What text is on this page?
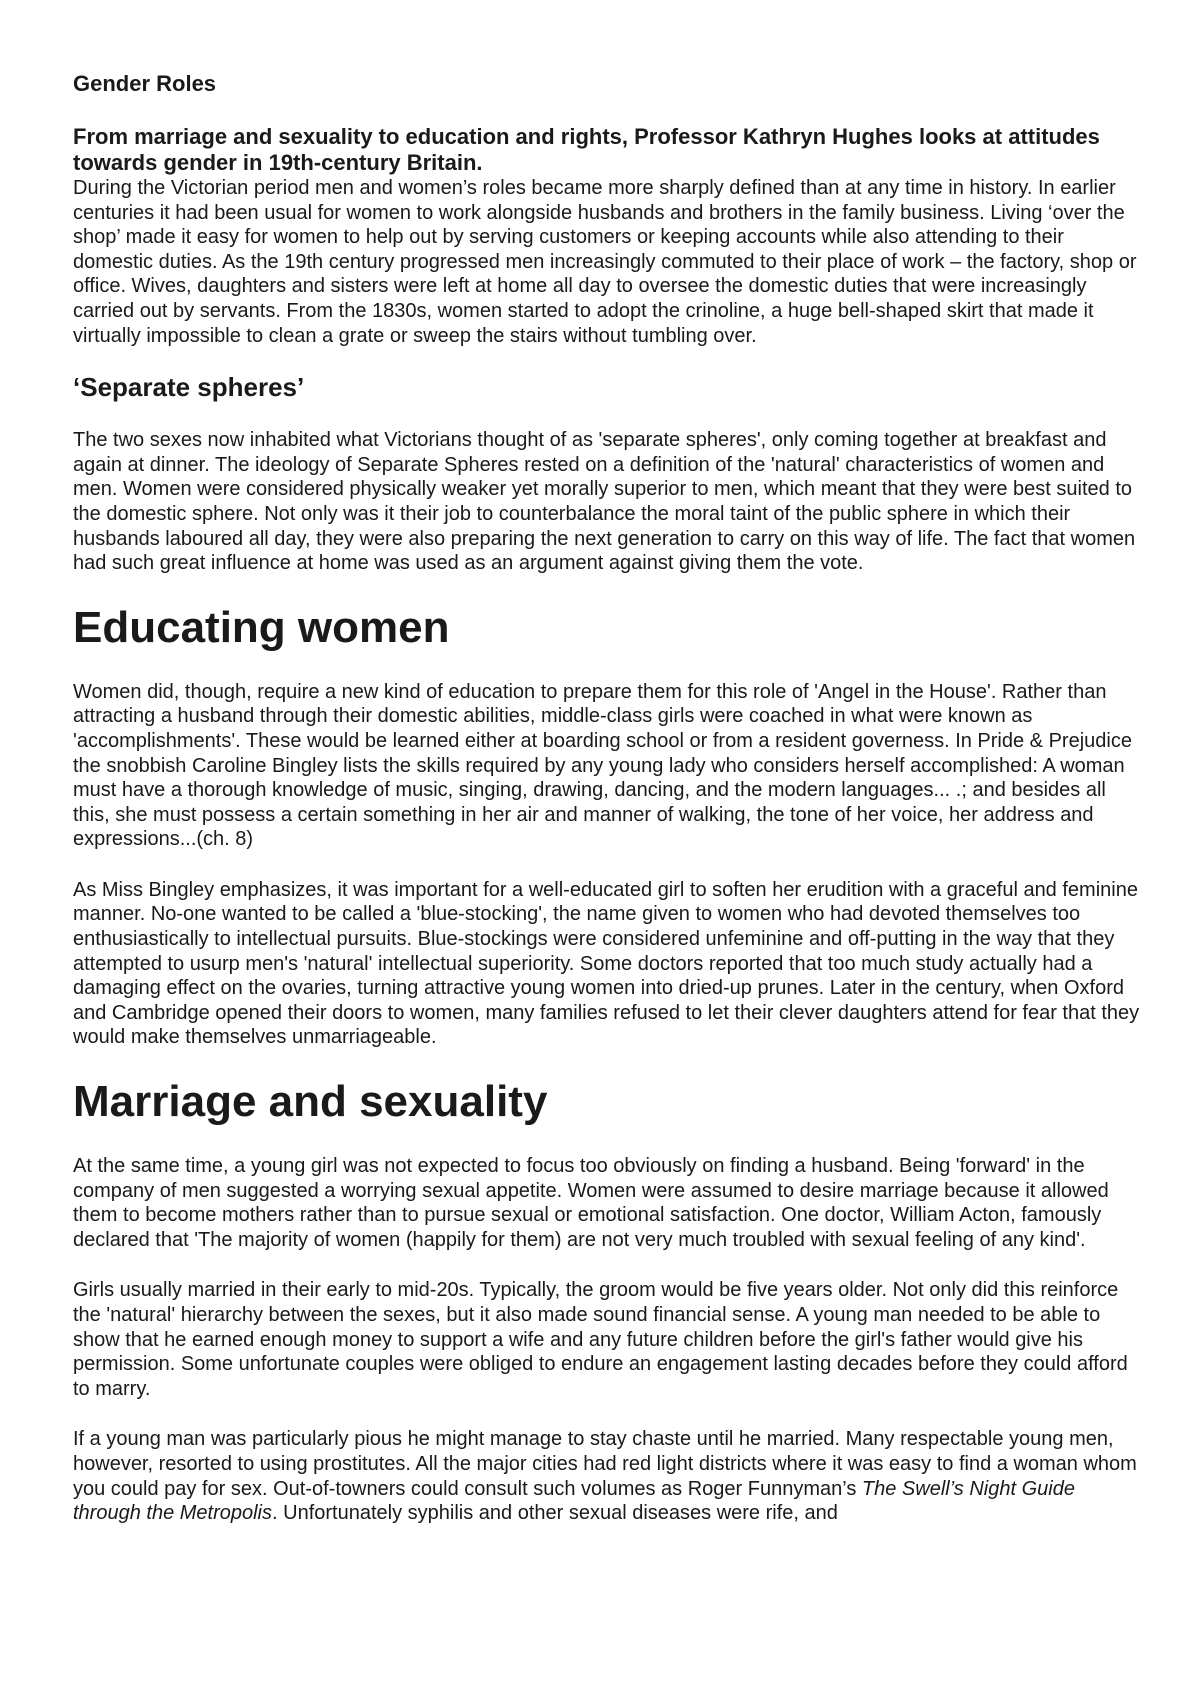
Gender Roles
From marriage and sexuality to education and rights, Professor Kathryn Hughes looks at attitudes towards gender in 19th-century Britain.

During the Victorian period men and women’s roles became more sharply defined than at any time in history. In earlier centuries it had been usual for women to work alongside husbands and brothers in the family business. Living ‘over the shop’ made it easy for women to help out by serving customers or keeping accounts while also attending to their domestic duties. As the 19th century progressed men increasingly commuted to their place of work – the factory, shop or office. Wives, daughters and sisters were left at home all day to oversee the domestic duties that were increasingly carried out by servants. From the 1830s, women started to adopt the crinoline, a huge bell-shaped skirt that made it virtually impossible to clean a grate or sweep the stairs without tumbling over.

‘Separate spheres’

The two sexes now inhabited what Victorians thought of as 'separate spheres', only coming together at breakfast and again at dinner. The ideology of Separate Spheres rested on a definition of the 'natural' characteristics of women and men. Women were considered physically weaker yet morally superior to men, which meant that they were best suited to the domestic sphere. Not only was it their job to counterbalance the moral taint of the public sphere in which their husbands laboured all day, they were also preparing the next generation to carry on this way of life. The fact that women had such great influence at home was used as an argument against giving them the vote.

Educating women

Women did, though, require a new kind of education to prepare them for this role of 'Angel in the House'. Rather than attracting a husband through their domestic abilities, middle-class girls were coached in what were known as 'accomplishments'. These would be learned either at boarding school or from a resident governess. In Pride & Prejudice the snobbish Caroline Bingley lists the skills required by any young lady who considers herself accomplished: A woman must have a thorough knowledge of music, singing, drawing, dancing, and the modern languages... .; and besides all this, she must possess a certain something in her air and manner of walking, the tone of her voice, her address and expressions...(ch. 8)

As Miss Bingley emphasizes, it was important for a well-educated girl to soften her erudition with a graceful and feminine manner. No-one wanted to be called a 'blue-stocking', the name given to women who had devoted themselves too enthusiastically to intellectual pursuits. Blue-stockings were considered unfeminine and off-putting in the way that they attempted to usurp men's 'natural' intellectual superiority. Some doctors reported that too much study actually had a damaging effect on the ovaries, turning attractive young women into dried-up prunes. Later in the century, when Oxford and Cambridge opened their doors to women, many families refused to let their clever daughters attend for fear that they would make themselves unmarriageable.

Marriage and sexuality

At the same time, a young girl was not expected to focus too obviously on finding a husband. Being 'forward' in the company of men suggested a worrying sexual appetite. Women were assumed to desire marriage because it allowed them to become mothers rather than to pursue sexual or emotional satisfaction. One doctor, William Acton, famously declared that 'The majority of women (happily for them) are not very much troubled with sexual feeling of any kind'.

Girls usually married in their early to mid-20s. Typically, the groom would be five years older. Not only did this reinforce the 'natural' hierarchy between the sexes, but it also made sound financial sense. A young man needed to be able to show that he earned enough money to support a wife and any future children before the girl's father would give his permission. Some unfortunate couples were obliged to endure an engagement lasting decades before they could afford to marry.

If a young man was particularly pious he might manage to stay chaste until he married. Many respectable young men, however, resorted to using prostitutes. All the major cities had red light districts where it was easy to find a woman whom you could pay for sex. Out-of-towners could consult such volumes as Roger Funnyman’s The Swell’s Night Guide through the Metropolis. Unfortunately syphilis and other sexual diseases were rife, and
